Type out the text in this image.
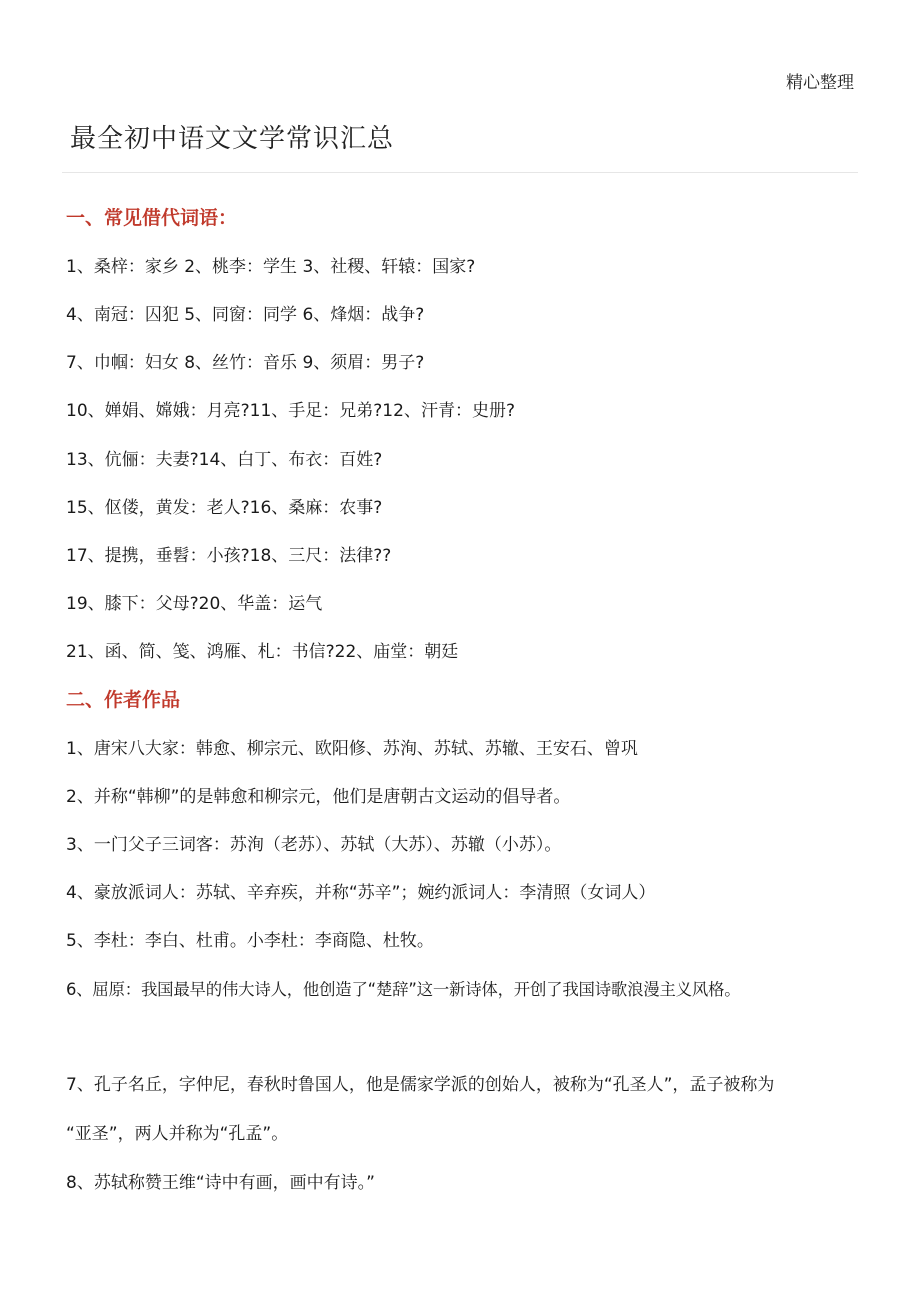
精心整理
最全初中语文文学常识汇总
一、常见借代词语：
1、桑梓：家乡 2、桃李：学生 3、社稷、轩辕：国家?
4、南冠：囚犯 5、同窗：同学 6、烽烟：战争?
7、巾帼：妇女 8、丝竹：音乐 9、须眉：男子?
10、婵娟、嫦娥：月亮?11、手足：兄弟?12、汗青：史册?
13、伉俪：夫妻?14、白丁、布衣：百姓?
15、伛偻，黄发：老人?16、桑麻：农事?
17、提携，垂髫：小孩?18、三尺：法律??
19、膝下：父母?20、华盖：运气
21、函、简、笺、鸿雁、札：书信?22、庙堂：朝廷
二、作者作品
1、唐宋八大家：韩愈、柳宗元、欧阳修、苏洵、苏轼、苏辙、王安石、曾巩
2、并称“韩柳”的是韩愈和柳宗元，他们是唐朝古文运动的倡导者。
3、一门父子三词客：苏洵（老苏）、苏轼（大苏）、苏辙（小苏）。
4、豪放派词人：苏轼、辛弃疾，并称“苏辛”；婉约派词人：李清照（女词人）
5、李杜：李白、杜甫。小李杜：李商隐、杜牧。
6、屈原：我国最早的伟大诗人，他创造了“楚辞”这一新诗体，开创了我国诗歌浪漫主义风格。
7、孔子名丘，字仲尼，春秋时鲁国人，他是儒家学派的创始人，被称为“孔圣人”，孟子被称为
“亚圣”，两人并称为“孔孟”。
8、苏轼称赞王维“诗中有画，画中有诗。”
